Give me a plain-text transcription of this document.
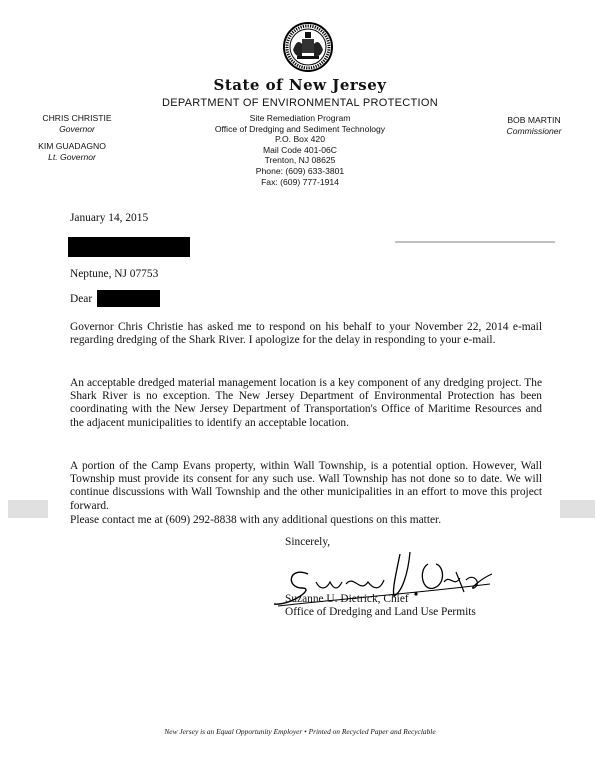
State of New Jersey
DEPARTMENT OF ENVIRONMENTAL PROTECTION
Site Remediation Program
Office of Dredging and Sediment Technology
P.O. Box 420
Mail Code 401-06C
Trenton, NJ 08625
Phone: (609) 633-3801
Fax: (609) 777-1914
CHRIS CHRISTIE
Governor
KIM GUADAGNO
Lt. Governor
BOB MARTIN
Commissioner
January 14, 2015
Neptune, NJ 07753
Dear
Governor Chris Christie has asked me to respond on his behalf to your November 22, 2014 e-mail regarding dredging of the Shark River. I apologize for the delay in responding to your e-mail.
An acceptable dredged material management location is a key component of any dredging project. The Shark River is no exception. The New Jersey Department of Environmental Protection has been coordinating with the New Jersey Department of Transportation's Office of Maritime Resources and the adjacent municipalities to identify an acceptable location.
A portion of the Camp Evans property, within Wall Township, is a potential option. However, Wall Township must provide its consent for any such use. Wall Township has not done so to date. We will continue discussions with Wall Township and the other municipalities in an effort to move this project forward.
Please contact me at (609) 292-8838 with any additional questions on this matter.
Sincerely,
Suzanne U. Dietrick, Chief
Office of Dredging and Land Use Permits
New Jersey is an Equal Opportunity Employer • Printed on Recycled Paper and Recyclable
